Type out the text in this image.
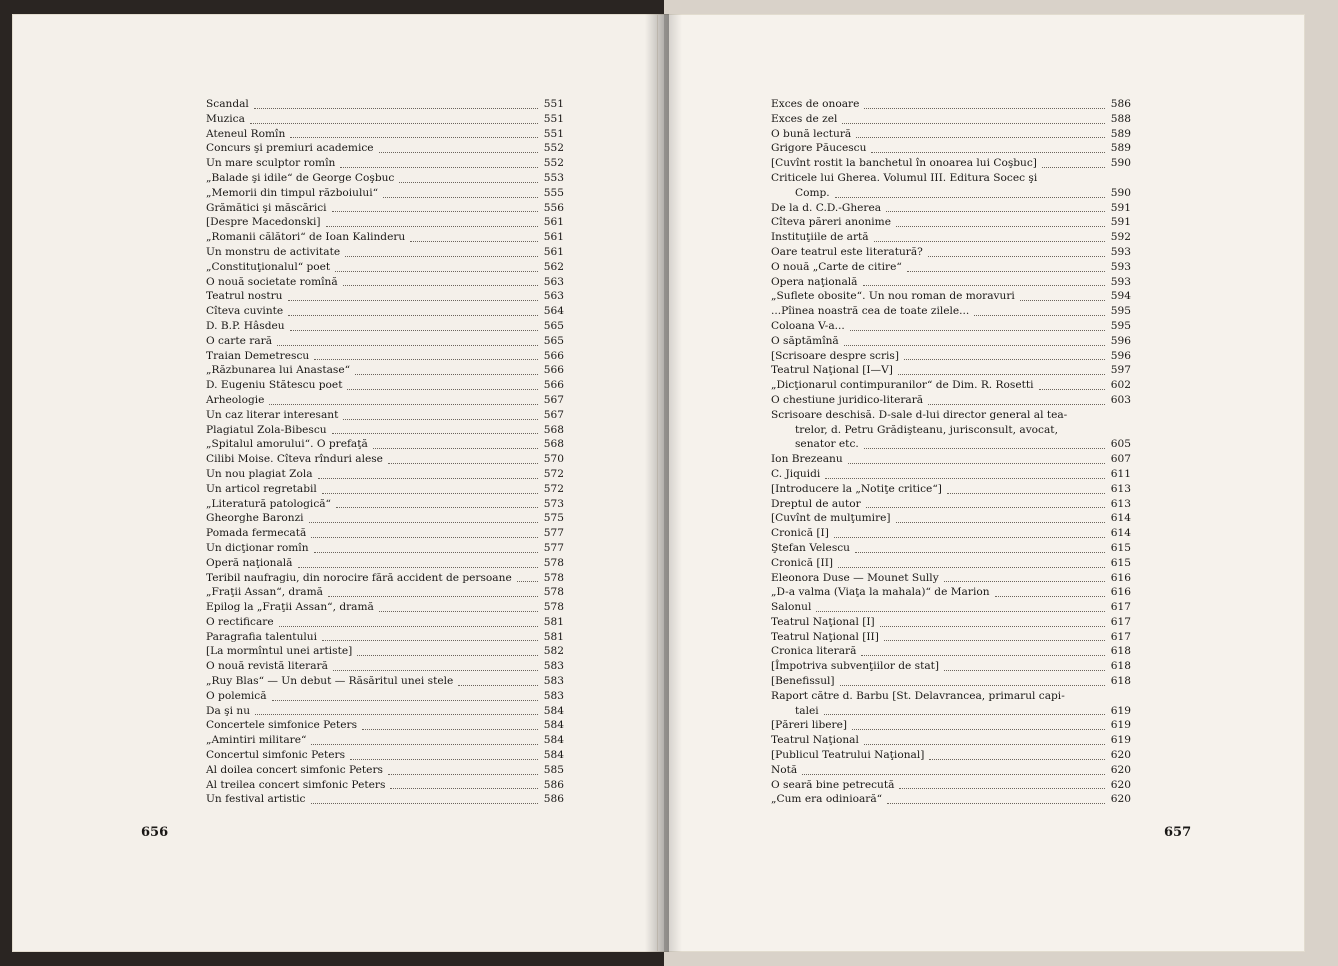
Scandal	551
Muzica	551
Ateneul Romîn	551
Concurs şi premiuri academice	552
Un mare sculptor romîn	552
„Balade şi idile“ de George Coşbuc	553
„Memorii din timpul războiului“	555
Grămătici şi măscărici	556
[Despre Macedonski]	561
„Romanii călători“ de Ioan Kalinderu	561
Un monstru de activitate	561
„Constituţionalul“ poet	562
O nouă societate romînă	563
Teatrul nostru	563
Cîteva cuvinte	564
D. B.P. Hâsdeu	565
O carte rară	565
Traian Demetrescu	566
„Răzbunarea lui Anastase“	566
D. Eugeniu Stătescu poet	566
Arheologie	567
Un caz literar interesant	567
Plagiatul Zola-Bibescu	568
„Spitalul amorului“. O prefaţă	568
Cilibi Moise. Cîteva rînduri alese	570
Un nou plagiat Zola	572
Un articol regretabil	572
„Literatură patologică“	573
Gheorghe Baronzi	575
Pomada fermecată	577
Un dicţionar romîn	577
Operă naţională	578
Teribil naufragiu, din norocire fără accident de persoane	578
„Fraţii Assan“, dramă	578
Epilog la „Fraţii Assan“, dramă	578
O rectificare	581
Paragrafia talentului	581
[La mormîntul unei artiste]	582
O nouă revistă literară	583
„Ruy Blas“ — Un debut — Răsăritul unei stele	583
O polemică	583
Da şi nu	584
Concertele simfonice Peters	584
„Amintiri militare“	584
Concertul simfonic Peters	584
Al doilea concert simfonic Peters	585
Al treilea concert simfonic Peters	586
Un festival artistic	586
Exces de onoare	586
Exces de zel	588
O bună lectură	589
Grigore Păucescu	589
[Cuvînt rostit la banchetul în onoarea lui Coşbuc]	590
Criticele lui Gherea. Volumul III. Editura Socec şi
Comp.	590
De la d. C.D.-Gherea	591
Cîteva păreri anonime	591
Instituţiile de artă	592
Oare teatrul este literatură?	593
O nouă „Carte de citire“	593
Opera naţională	593
„Suflete obosite“. Un nou roman de moravuri	594
...Pîinea noastră cea de toate zilele...	595
Coloana V-a...	595
O săptămînă	596
[Scrisoare despre scris]	596
Teatrul Naţional [I—V]	597
„Dicţionarul contimpuranilor“ de Dim. R. Rosetti	602
O chestiune juridico-literară	603
Scrisoare deschisă. D-sale d-lui director general al tea-
trelor, d. Petru Grădişteanu, jurisconsult, avocat,
senator etc.	605
Ion Brezeanu	607
C. Jiquidi	611
[Introducere la „Notiţe critice“]	613
Dreptul de autor	613
[Cuvînt de mulţumire]	614
Cronică [I]	614
Ştefan Velescu	615
Cronică [II]	615
Eleonora Duse — Mounet Sully	616
„D-a valma (Viaţa la mahala)“ de Marion	616
Salonul	617
Teatrul Naţional [I]	617
Teatrul Naţional [II]	617
Cronica literară	618
[Împotriva subvenţiilor de stat]	618
[Benefissul]	618
Raport către d. Barbu [St. Delavrancea, primarul capi-
talei	619
[Păreri libere]	619
Teatrul Naţional	619
[Publicul Teatrului Naţional]	620
Notă	620
O seară bine petrecută	620
„Cum era odinioară“	620
656	657
